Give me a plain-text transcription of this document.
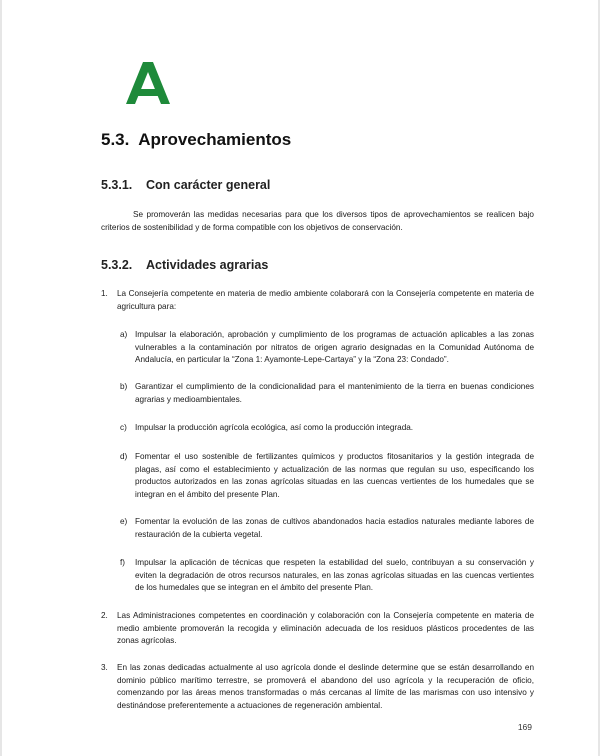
5.3. Aprovechamientos
5.3.1. Con carácter general

Se promoverán las medidas necesarias para que los diversos tipos de aprovechamientos se realicen bajo criterios de sostenibilidad y de forma compatible con los objetivos de conservación.

5.3.2. Actividades agrarias
1. La Consejería competente en materia de medio ambiente colaborará con la Consejería competente en materia de agricultura para:

a) Impulsar la elaboración, aprobación y cumplimiento de los programas de actuación aplicables a las zonas vulnerables a la contaminación por nitratos de origen agrario designadas en la Comunidad Autónoma de Andalucía, en particular la “Zona 1: Ayamonte-Lepe-Cartaya” y la “Zona 23: Condado”.

b) Garantizar el cumplimiento de la condicionalidad para el mantenimiento de la tierra en buenas condiciones agrarias y medioambientales.

c) Impulsar la producción agrícola ecológica, así como la producción integrada.

d) Fomentar el uso sostenible de fertilizantes químicos y productos fitosanitarios y la gestión integrada de plagas, así como el establecimiento y actualización de las normas que regulan su uso, especificando los productos autorizados en las zonas agrícolas situadas en las cuencas vertientes de los humedales que se integran en el ámbito del presente Plan.

e) Fomentar la evolución de las zonas de cultivos abandonados hacia estadios naturales mediante labores de restauración de la cubierta vegetal.

f) Impulsar la aplicación de técnicas que respeten la estabilidad del suelo, contribuyan a su conservación y eviten la degradación de otros recursos naturales, en las zonas agrícolas situadas en las cuencas vertientes de los humedales que se integran en el ámbito del presente Plan.

2. Las Administraciones competentes en coordinación y colaboración con la Consejería competente en materia de medio ambiente promoverán la recogida y eliminación adecuada de los residuos plásticos procedentes de las zonas agrícolas.

3. En las zonas dedicadas actualmente al uso agrícola donde el deslinde determine que se están desarrollando en dominio público marítimo terrestre, se promoverá el abandono del uso agrícola y la recuperación de oficio, comenzando por las áreas menos transformadas o más cercanas al límite de las marismas con uso intensivo y destinándose preferentemente a actuaciones de regeneración ambiental.

169
